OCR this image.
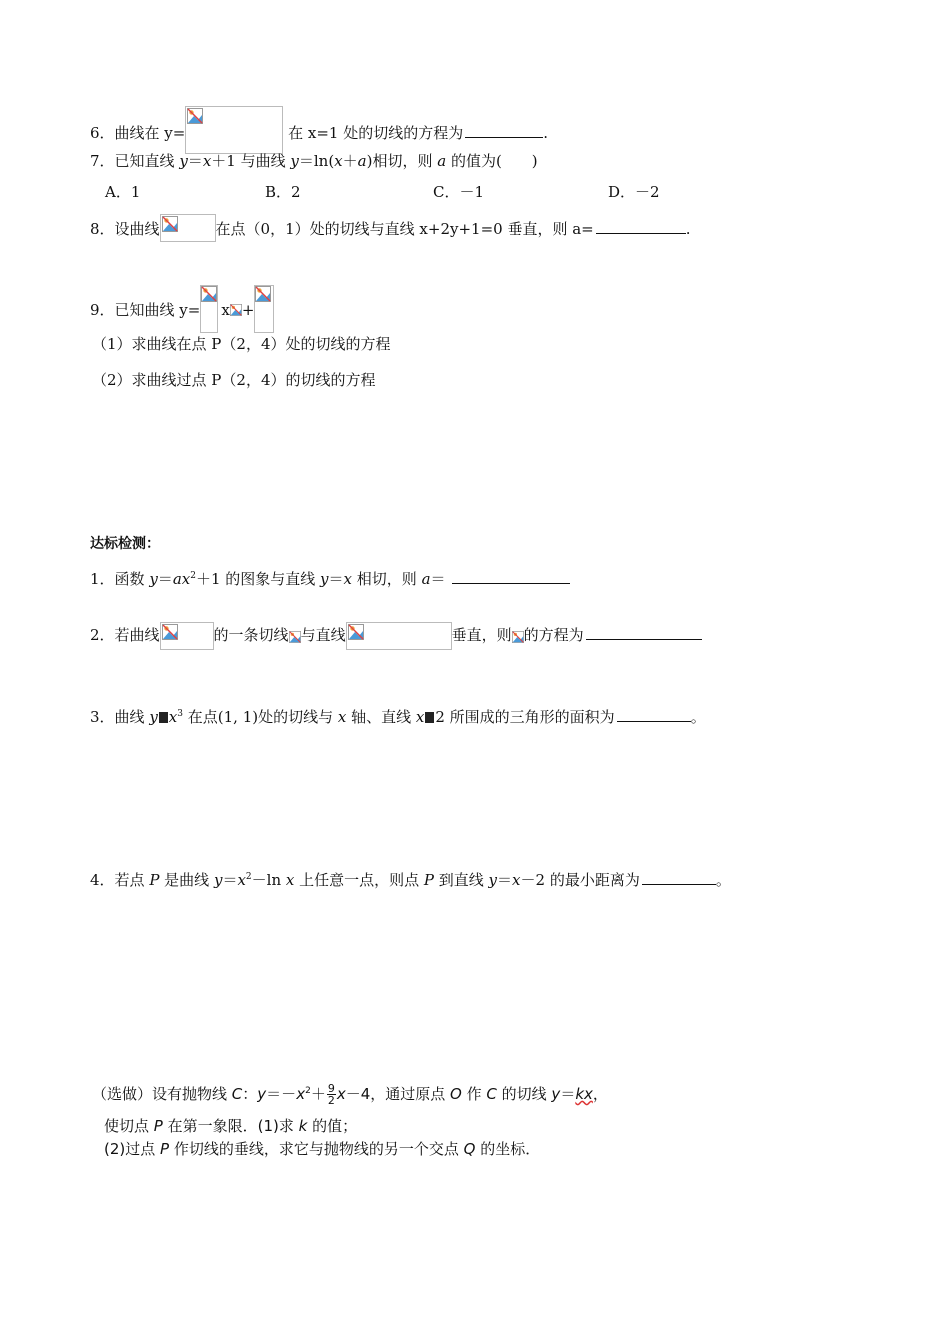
6．曲线在 y=	在 x=1 处的切线的方程为	.
7．已知直线 y＝x＋1 与曲线 y＝ln(x＋a)相切，则 a 的值为(　　)
A．1	B．2	C．－1	D．－2
8．设曲线	在点（0，1）处的切线与直线 x+2y+1=0 垂直，则 a=	.
9．已知曲线 y= x +
（1）求曲线在点 P（2，4）处的切线的方程
（2）求曲线过点 P（2，4）的切线的方程
达标检测：
1．函数 $y=ax^2+1$ 的图象与直线 y＝x 相切，则 a＝
2．若曲线	的一条切线 与直线	垂直，则 的方程为
3．曲线 y $x^3$ 在点(1, 1)处的切线与 x 轴、直线 x 2 所围成的三角形的面积为	。
4．若点 P 是曲线 $y=x^2-\ln$ x 上任意一点，则点 P 到直线 y＝x－2 的最小距离为	。
（选做）设有抛物线 C：$y=-x^2+ \frac{9}{2} x-4$，通过原点 O 作 C 的切线 y＝kx，
使切点 P 在第一象限．(1)求 k 的值；
(2)过点 P 作切线的垂线，求它与抛物线的另一个交点 Q 的坐标．
